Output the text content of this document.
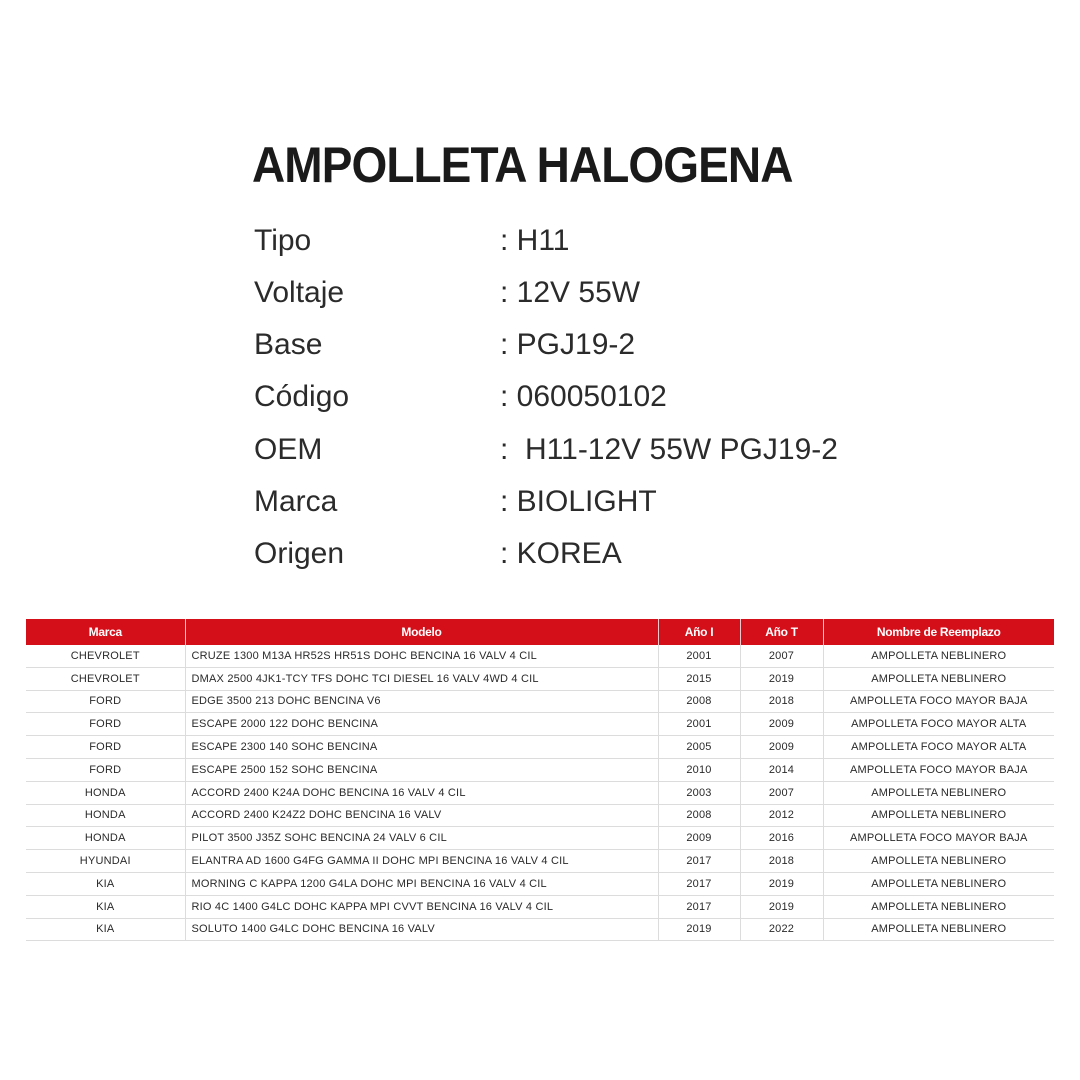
AMPOLLETA HALOGENA
Tipo	: H11
Voltaje	: 12V 55W
Base	: PGJ19-2
Código	: 060050102
OEM	:  H11-12V 55W PGJ19-2
Marca	: BIOLIGHT
Origen	: KOREA
Marca	Modelo	Año I	Año T	Nombre de Reemplazo
CHEVROLET	CRUZE 1300 M13A HR52S HR51S DOHC BENCINA 16 VALV 4 CIL	2001	2007	AMPOLLETA NEBLINERO
CHEVROLET	DMAX 2500 4JK1-TCY TFS DOHC TCI DIESEL 16 VALV 4WD 4 CIL	2015	2019	AMPOLLETA NEBLINERO
FORD	EDGE 3500 213 DOHC BENCINA V6	2008	2018	AMPOLLETA FOCO MAYOR BAJA
FORD	ESCAPE 2000 122 DOHC BENCINA	2001	2009	AMPOLLETA FOCO MAYOR ALTA
FORD	ESCAPE 2300 140 SOHC BENCINA	2005	2009	AMPOLLETA FOCO MAYOR ALTA
FORD	ESCAPE 2500 152 SOHC BENCINA	2010	2014	AMPOLLETA FOCO MAYOR BAJA
HONDA	ACCORD 2400 K24A DOHC BENCINA 16 VALV 4 CIL	2003	2007	AMPOLLETA NEBLINERO
HONDA	ACCORD 2400 K24Z2 DOHC BENCINA 16 VALV	2008	2012	AMPOLLETA NEBLINERO
HONDA	PILOT 3500 J35Z SOHC BENCINA 24 VALV 6 CIL	2009	2016	AMPOLLETA FOCO MAYOR BAJA
HYUNDAI	ELANTRA AD 1600 G4FG GAMMA II DOHC MPI BENCINA 16 VALV 4 CIL	2017	2018	AMPOLLETA NEBLINERO
KIA	MORNING C KAPPA 1200 G4LA DOHC MPI BENCINA 16 VALV 4 CIL	2017	2019	AMPOLLETA NEBLINERO
KIA	RIO 4C 1400 G4LC DOHC KAPPA MPI CVVT BENCINA 16 VALV 4 CIL	2017	2019	AMPOLLETA NEBLINERO
KIA	SOLUTO 1400 G4LC DOHC BENCINA 16 VALV	2019	2022	AMPOLLETA NEBLINERO
